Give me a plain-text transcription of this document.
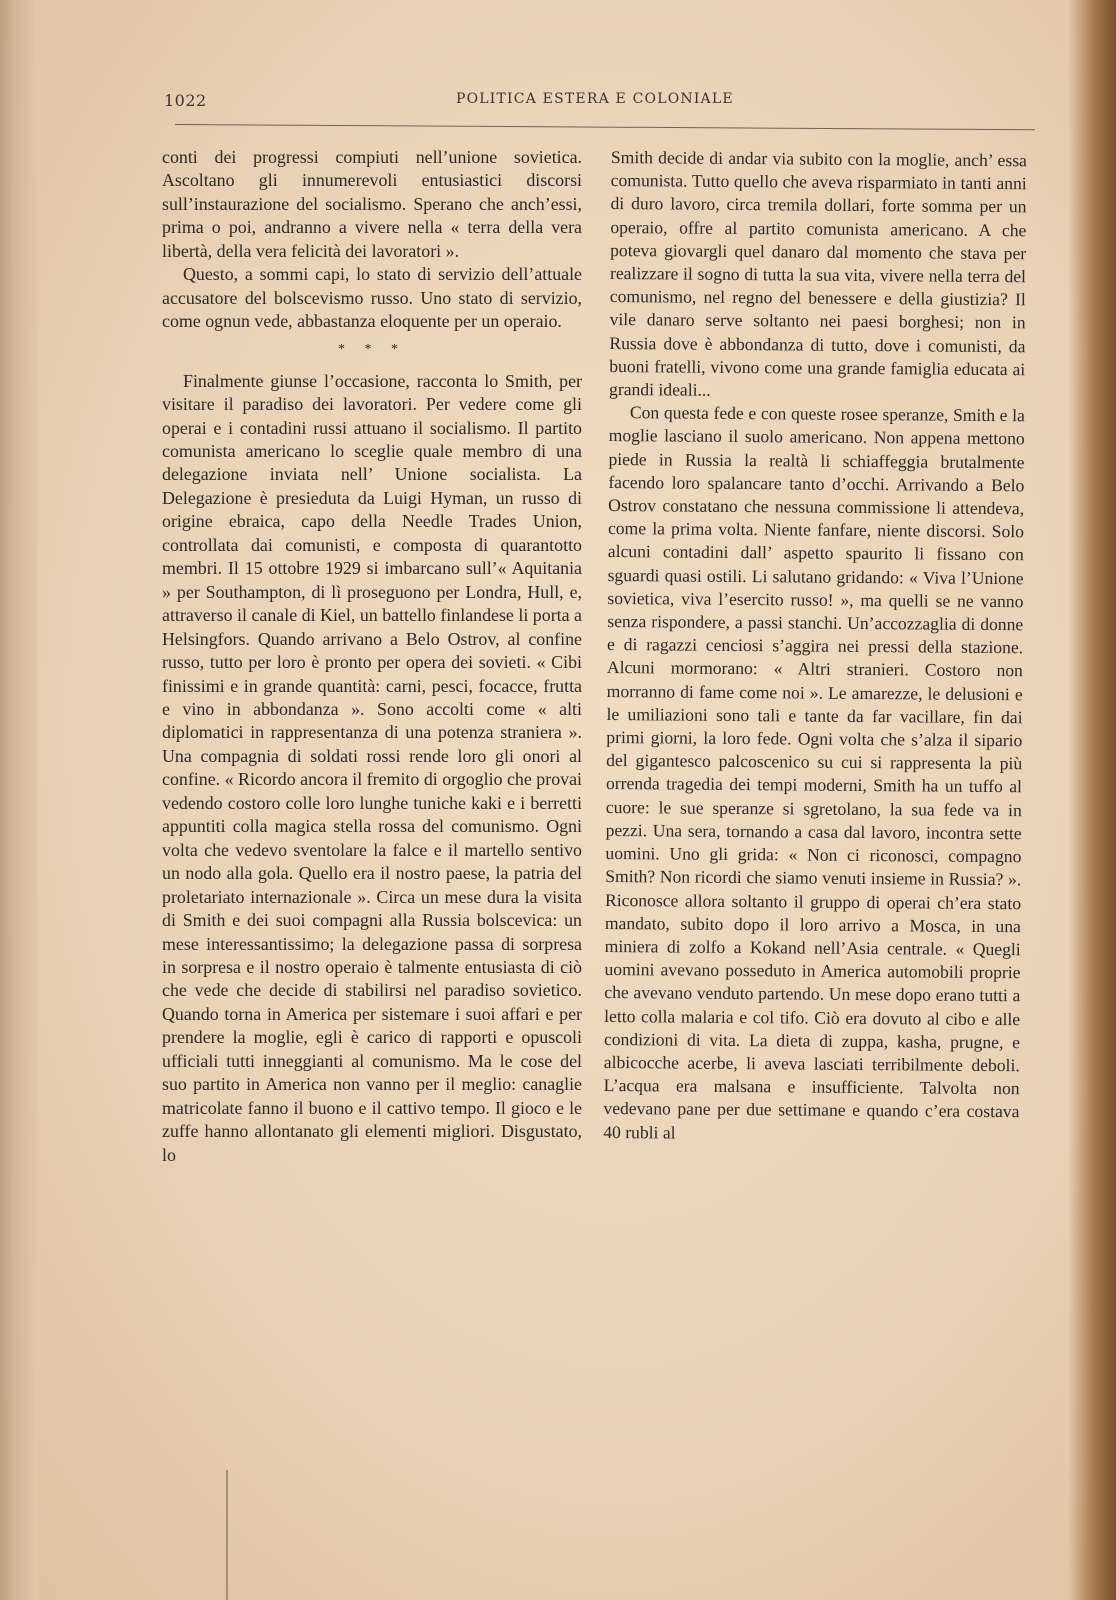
1022	POLITICA ESTERA E COLONIALE

conti dei progressi compiuti nell’unione sovietica. Ascoltano gli innumerevoli entusiastici discorsi sull’instaurazione del socialismo. Sperano che anch’essi, prima o poi, andranno a vivere nella « terra della vera libertà, della vera felicità dei lavoratori ».

Questo, a sommi capi, lo stato di servizio dell’attuale accusatore del bolscevismo russo. Uno stato di servizio, come ognun vede, abbastanza eloquente per un operaio.

* * *

Finalmente giunse l’occasione, racconta lo Smith, per visitare il paradiso dei lavoratori. Per vedere come gli operai e i contadini russi attuano il socialismo. Il partito comunista americano lo sceglie quale membro di una delegazione inviata nell’ Unione socialista. La Delegazione è presieduta da Luigi Hyman, un russo di origine ebraica, capo della Needle Trades Union, controllata dai comunisti, e composta di quarantotto membri. Il 15 ottobre 1929 si imbarcano sull’« Aquitania » per Southampton, di lì proseguono per Londra, Hull, e, attraverso il canale di Kiel, un battello finlandese li porta a Helsingfors. Quando arrivano a Belo Ostrov, al confine russo, tutto per loro è pronto per opera dei sovieti. « Cibi finissimi e in grande quantità: carni, pesci, focacce, frutta e vino in abbondanza ». Sono accolti come « alti diplomatici in rappresentanza di una potenza straniera ». Una compagnia di soldati rossi rende loro gli onori al confine. « Ricordo ancora il fremito di orgoglio che provai vedendo costoro colle loro lunghe tuniche kaki e i berretti appuntiti colla magica stella rossa del comunismo. Ogni volta che vedevo sventolare la falce e il martello sentivo un nodo alla gola. Quello era il nostro paese, la patria del proletariato internazionale ». Circa un mese dura la visita di Smith e dei suoi compagni alla Russia bolscevica: un mese interessantissimo; la delegazione passa di sorpresa in sorpresa e il nostro operaio è talmente entusiasta di ciò che vede che decide di stabilirsi nel paradiso sovietico. Quando torna in America per sistemare i suoi affari e per prendere la moglie, egli è carico di rapporti e opuscoli ufficiali tutti inneggianti al comunismo. Ma le cose del suo partito in America non vanno per il meglio: canaglie matricolate fanno il buono e il cattivo tempo. Il gioco e le zuffe hanno allontanato gli elementi migliori. Disgustato, lo

Smith decide di andar via subito con la moglie, anch’ essa comunista. Tutto quello che aveva risparmiato in tanti anni di duro lavoro, circa tremila dollari, forte somma per un operaio, offre al partito comunista americano. A che poteva giovargli quel danaro dal momento che stava per realizzare il sogno di tutta la sua vita, vivere nella terra del comunismo, nel regno del benessere e della giustizia? Il vile danaro serve soltanto nei paesi borghesi; non in Russia dove è abbondanza di tutto, dove i comunisti, da buoni fratelli, vivono come una grande famiglia educata ai grandi ideali...

Con questa fede e con queste rosee speranze, Smith e la moglie lasciano il suolo americano. Non appena mettono piede in Russia la realtà li schiaffeggia brutalmente facendo loro spalancare tanto d’occhi. Arrivando a Belo Ostrov constatano che nessuna commissione li attendeva, come la prima volta. Niente fanfare, niente discorsi. Solo alcuni contadini dall’ aspetto spaurito li fissano con sguardi quasi ostili. Li salutano gridando: « Viva l’Unione sovietica, viva l’esercito russo! », ma quelli se ne vanno senza rispondere, a passi stanchi. Un’accozzaglia di donne e di ragazzi cenciosi s’aggira nei pressi della stazione. Alcuni mormorano: « Altri stranieri. Costoro non morranno di fame come noi ». Le amarezze, le delusioni e le umiliazioni sono tali e tante da far vacillare, fin dai primi giorni, la loro fede. Ogni volta che s’alza il sipario del gigantesco palcoscenico su cui si rappresenta la più orrenda tragedia dei tempi moderni, Smith ha un tuffo al cuore: le sue speranze si sgretolano, la sua fede va in pezzi. Una sera, tornando a casa dal lavoro, incontra sette uomini. Uno gli grida: « Non ci riconosci, compagno Smith? Non ricordi che siamo venuti insieme in Russia? ». Riconosce allora soltanto il gruppo di operai ch’era stato mandato, subito dopo il loro arrivo a Mosca, in una miniera di zolfo a Kokand nell’Asia centrale. « Quegli uomini avevano posseduto in America automobili proprie che avevano venduto partendo. Un mese dopo erano tutti a letto colla malaria e col tifo. Ciò era dovuto al cibo e alle condizioni di vita. La dieta di zuppa, kasha, prugne, e albicocche acerbe, li aveva lasciati terribilmente deboli. L’acqua era malsana e insufficiente. Talvolta non vedevano pane per due settimane e quando c’era costava 40 rubli al
